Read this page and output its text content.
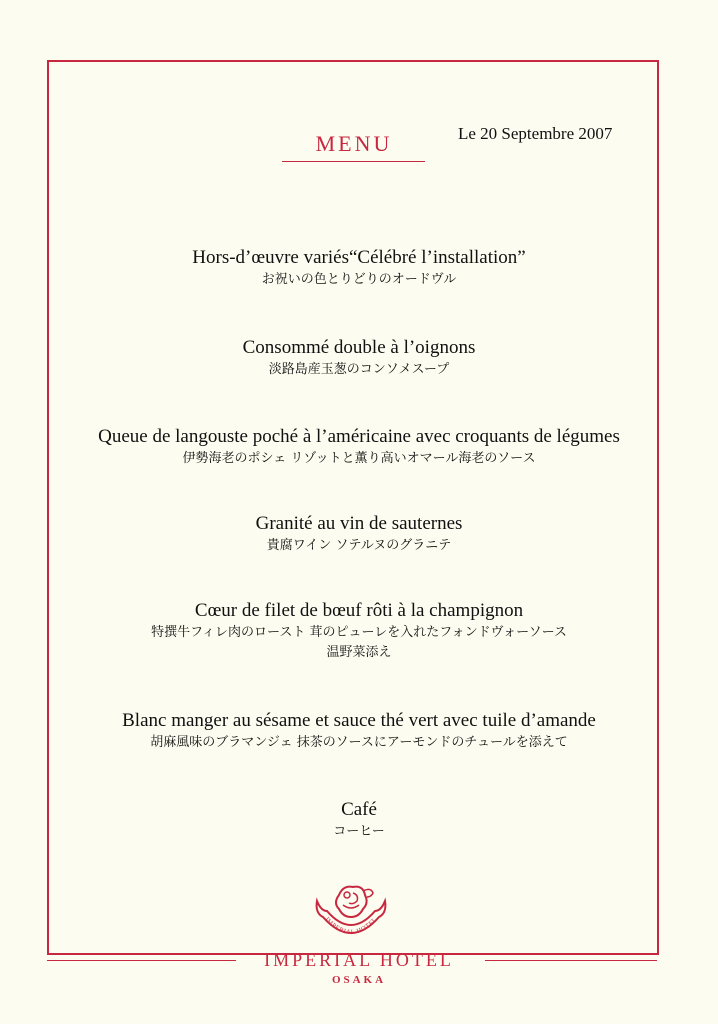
MENU	Le 20 Septembre 2007
Hors-d’œuvre variés“Célébré l’installation”
お祝いの色とりどりのオードヴル
Consommé double à l’oignons
淡路島産玉葱のコンソメスープ
Queue de langouste poché à l’américaine avec croquants de légumes
伊勢海老のポシェ リゾットと薫り高いオマール海老のソース
Granité au vin de sauternes
貴腐ワイン ソテルヌのグラニテ
Cœur de filet de bœuf rôti à la champignon
特撰牛フィレ肉のロースト 茸のピューレを入れたフォンドヴォーソース
温野菜添え
Blanc manger au sésame et sauce thé vert avec tuile d’amande
胡麻風味のブラマンジェ 抹茶のソースにアーモンドのチュールを添えて
Café
コーヒー
IMPERIAL HOTEL
IMPERIAL HOTEL
OSAKA
